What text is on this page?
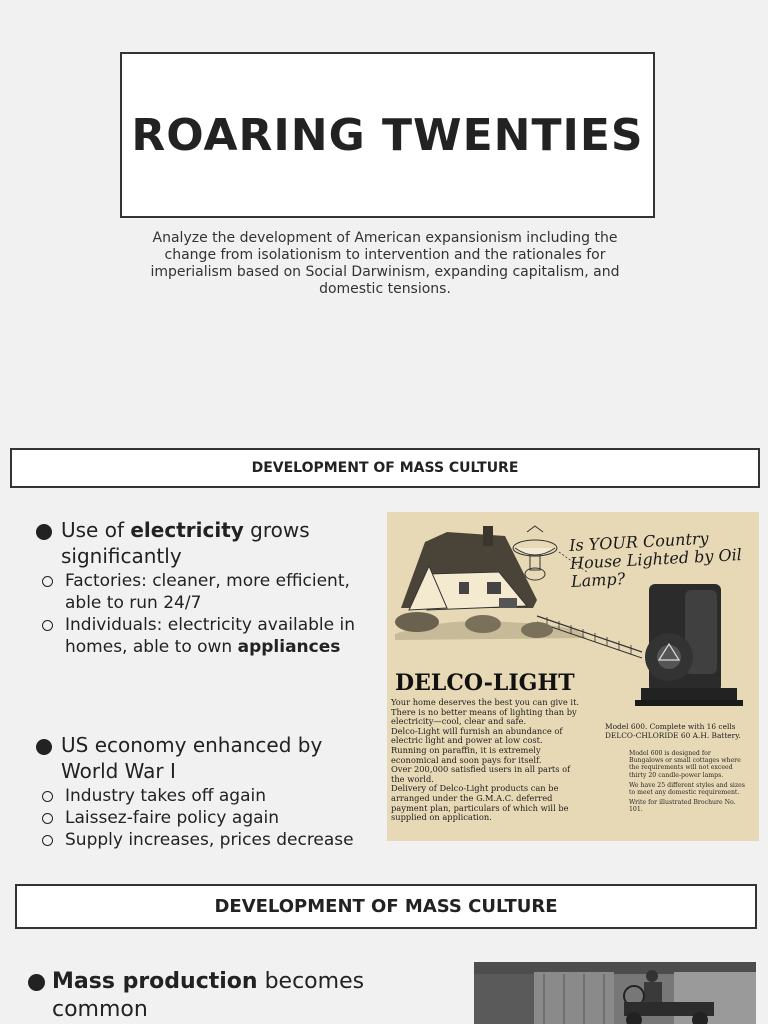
ROARING TWENTIES
Analyze the development of American expansionism including the change from isolationism to intervention and the rationales for imperialism based on Social Darwinism, expanding capitalism, and domestic tensions.
DEVELOPMENT OF MASS CULTURE
Use of electricity grows significantly
Factories: cleaner, more efficient, able to run 24/7
Individuals: electricity available in homes, able to own appliances
US economy enhanced by World War I
Industry takes off again
Laissez-faire policy again
Supply increases, prices decrease
Is YOUR Country House Lighted by Oil Lamp?
DELCO-LIGHT
Your home deserves the best you can give it.
There is no better means of lighting than by electricity—cool, clear and safe.
Delco-Light will furnish an abundance of electric light and power at low cost.
Running on paraffin, it is extremely economical and soon pays for itself.
Over 200,000 satisfied users in all parts of the world.
Delivery of Delco-Light products can be arranged under the G.M.A.C. deferred payment plan, particulars of which will be supplied on application.
Model 600. Complete with 16 cells DELCO-CHLORIDE 60 A.H. Battery.
Model 600 is designed for Bungalows or small cottages where the requirements will not exceed thirty 20 candle-power lamps.
We have 25 different styles and sizes to meet any domestic requirement.
Write for illustrated Brochure No. 101.
DEVELOPMENT OF MASS CULTURE
Mass production becomes common
